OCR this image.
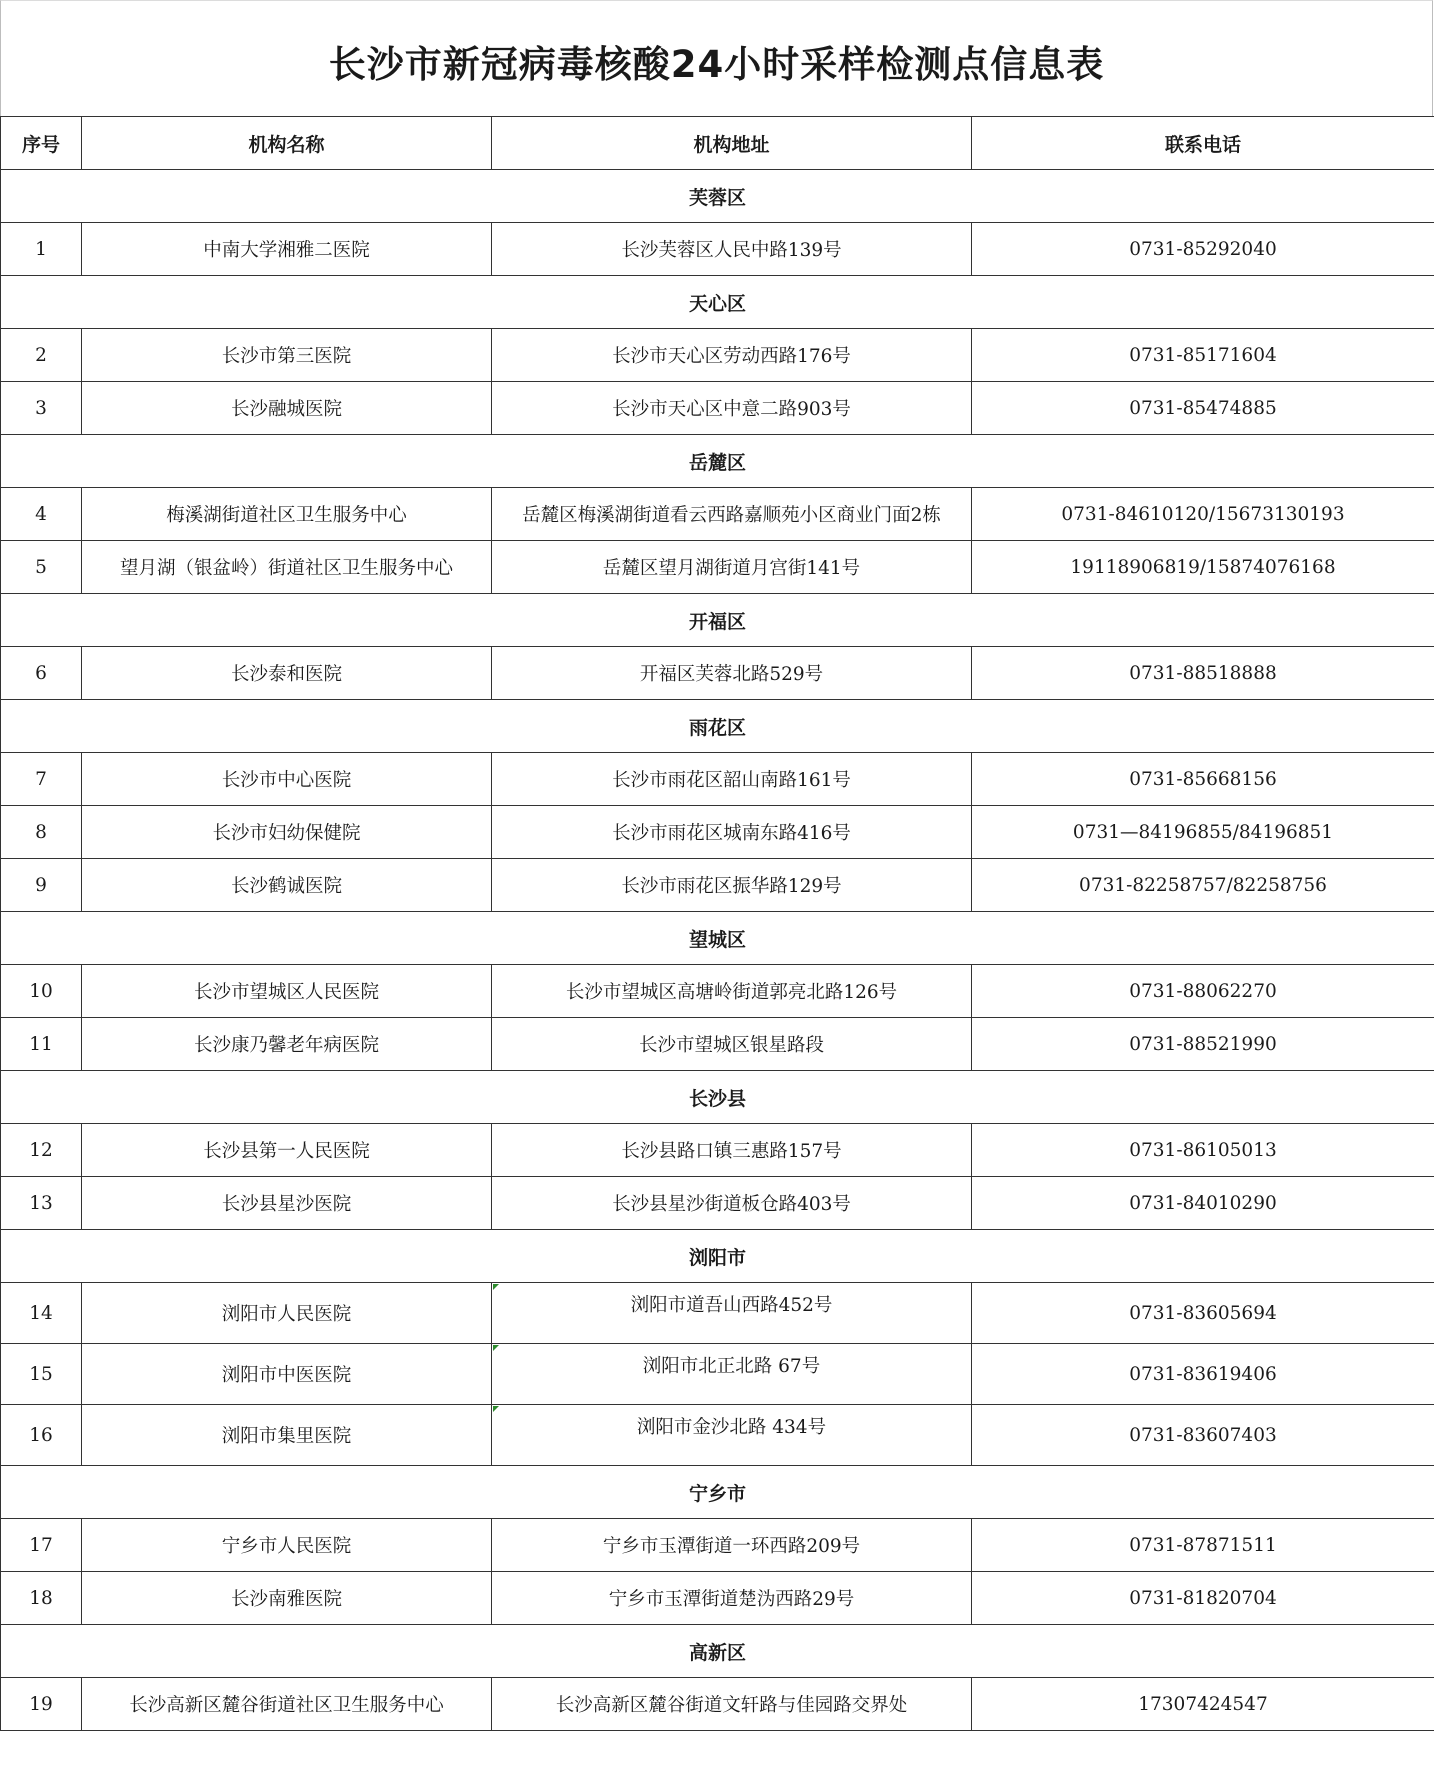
长沙市新冠病毒核酸24小时采样检测点信息表
序号	机构名称	机构地址	联系电话
芙蓉区			
1	中南大学湘雅二医院	长沙芙蓉区人民中路139号	0731-85292040
天心区			
2	长沙市第三医院	长沙市天心区劳动西路176号	0731-85171604
3	长沙融城医院	长沙市天心区中意二路903号	0731-85474885
岳麓区			
4	梅溪湖街道社区卫生服务中心	岳麓区梅溪湖街道看云西路嘉顺苑小区商业门面2栋	0731-84610120/15673130193
5	望月湖（银盆岭）街道社区卫生服务中心	岳麓区望月湖街道月宫街141号	19118906819/15874076168
开福区			
6	长沙泰和医院	开福区芙蓉北路529号	0731-88518888
雨花区			
7	长沙市中心医院	长沙市雨花区韶山南路161号	0731-85668156
8	长沙市妇幼保健院	长沙市雨花区城南东路416号	0731—84196855/84196851
9	长沙鹤诚医院	长沙市雨花区振华路129号	0731-82258757/82258756
望城区			
10	长沙市望城区人民医院	长沙市望城区高塘岭街道郭亮北路126号	0731-88062270
11	长沙康乃馨老年病医院	长沙市望城区银星路段	0731-88521990
长沙县			
12	长沙县第一人民医院	长沙县路口镇三惠路157号	0731-86105013
13	长沙县星沙医院	长沙县星沙街道板仓路403号	0731-84010290
浏阳市			
14	浏阳市人民医院	浏阳市道吾山西路452号	0731-83605694
15	浏阳市中医医院	浏阳市北正北路 67号	0731-83619406
16	浏阳市集里医院	浏阳市金沙北路 434号	0731-83607403
宁乡市			
17	宁乡市人民医院	宁乡市玉潭街道一环西路209号	0731-87871511
18	长沙南雅医院	宁乡市玉潭街道楚沩西路29号	0731-81820704
高新区			
19	长沙高新区麓谷街道社区卫生服务中心	长沙高新区麓谷街道文轩路与佳园路交界处	17307424547
